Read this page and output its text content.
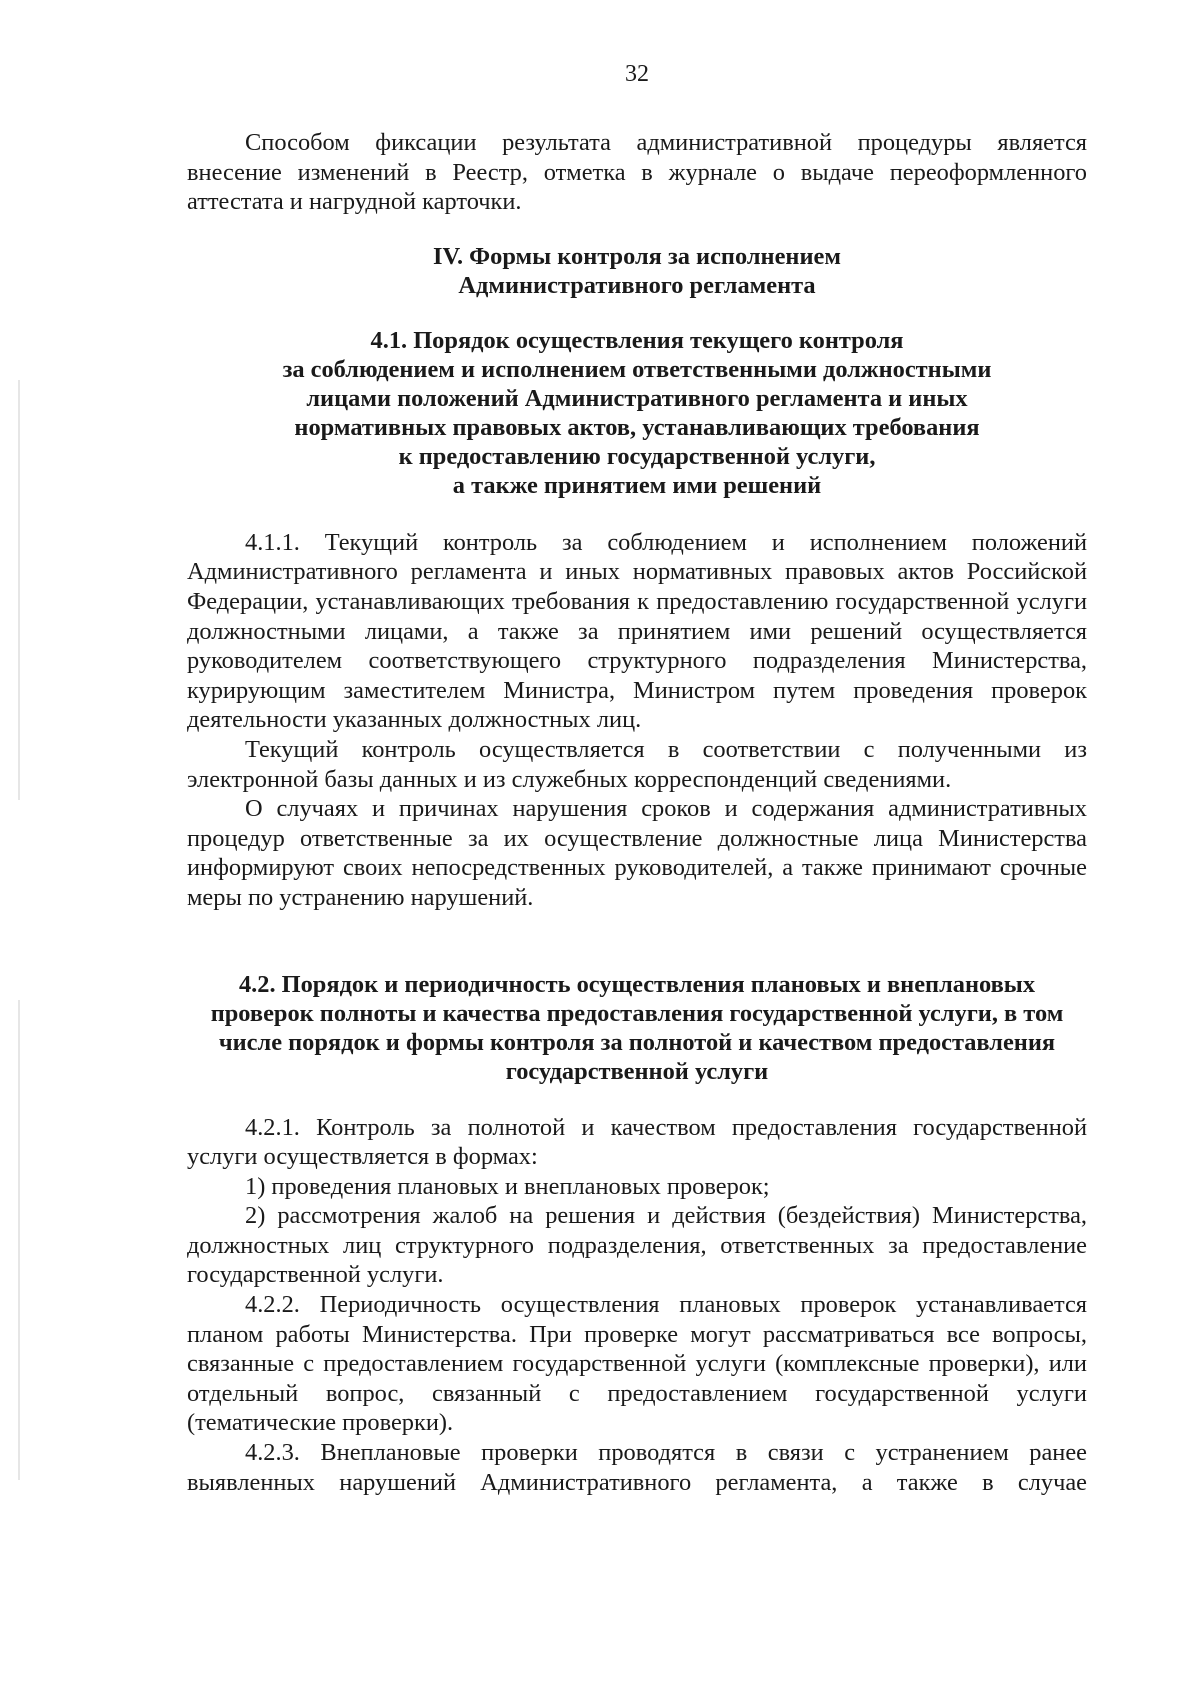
32

Способом фиксации результата административной процедуры является внесение изменений в Реестр, отметка в журнале о выдаче переоформленного аттестата и нагрудной карточки.

IV. Формы контроля за исполнением
Административного регламента
4.1. Порядок осуществления текущего контроля
за соблюдением и исполнением ответственными должностными
лицами положений Административного регламента и иных
нормативных правовых актов, устанавливающих требования
к предоставлению государственной услуги,
а также принятием ими решений

4.1.1. Текущий контроль за соблюдением и исполнением положений Административного регламента и иных нормативных правовых актов Российской Федерации, устанавливающих требования к предоставлению государственной услуги должностными лицами, а также за принятием ими решений осуществляется руководителем соответствующего структурного подразделения Министерства, курирующим заместителем Министра, Министром путем проведения проверок деятельности указанных должностных лиц.

Текущий контроль осуществляется в соответствии с полученными из электронной базы данных и из служебных корреспонденций сведениями.

О случаях и причинах нарушения сроков и содержания административных процедур ответственные за их осуществление должностные лица Министерства информируют своих непосредственных руководителей, а также принимают срочные меры по устранению нарушений.

4.2. Порядок и периодичность осуществления плановых и внеплановых
проверок полноты и качества предоставления государственной услуги, в том
числе порядок и формы контроля за полнотой и качеством предоставления
государственной услуги

4.2.1. Контроль за полнотой и качеством предоставления государственной услуги осуществляется в формах:

1) проведения плановых и внеплановых проверок;

2) рассмотрения жалоб на решения и действия (бездействия) Министерства, должностных лиц структурного подразделения, ответственных за предоставление государственной услуги.

4.2.2. Периодичность осуществления плановых проверок устанавливается планом работы Министерства. При проверке могут рассматриваться все вопросы, связанные с предоставлением государственной услуги (комплексные проверки), или отдельный вопрос, связанный с предоставлением государственной услуги (тематические проверки).

4.2.3. Внеплановые проверки проводятся в связи с устранением ранее выявленных нарушений Административного регламента, а также в случае
